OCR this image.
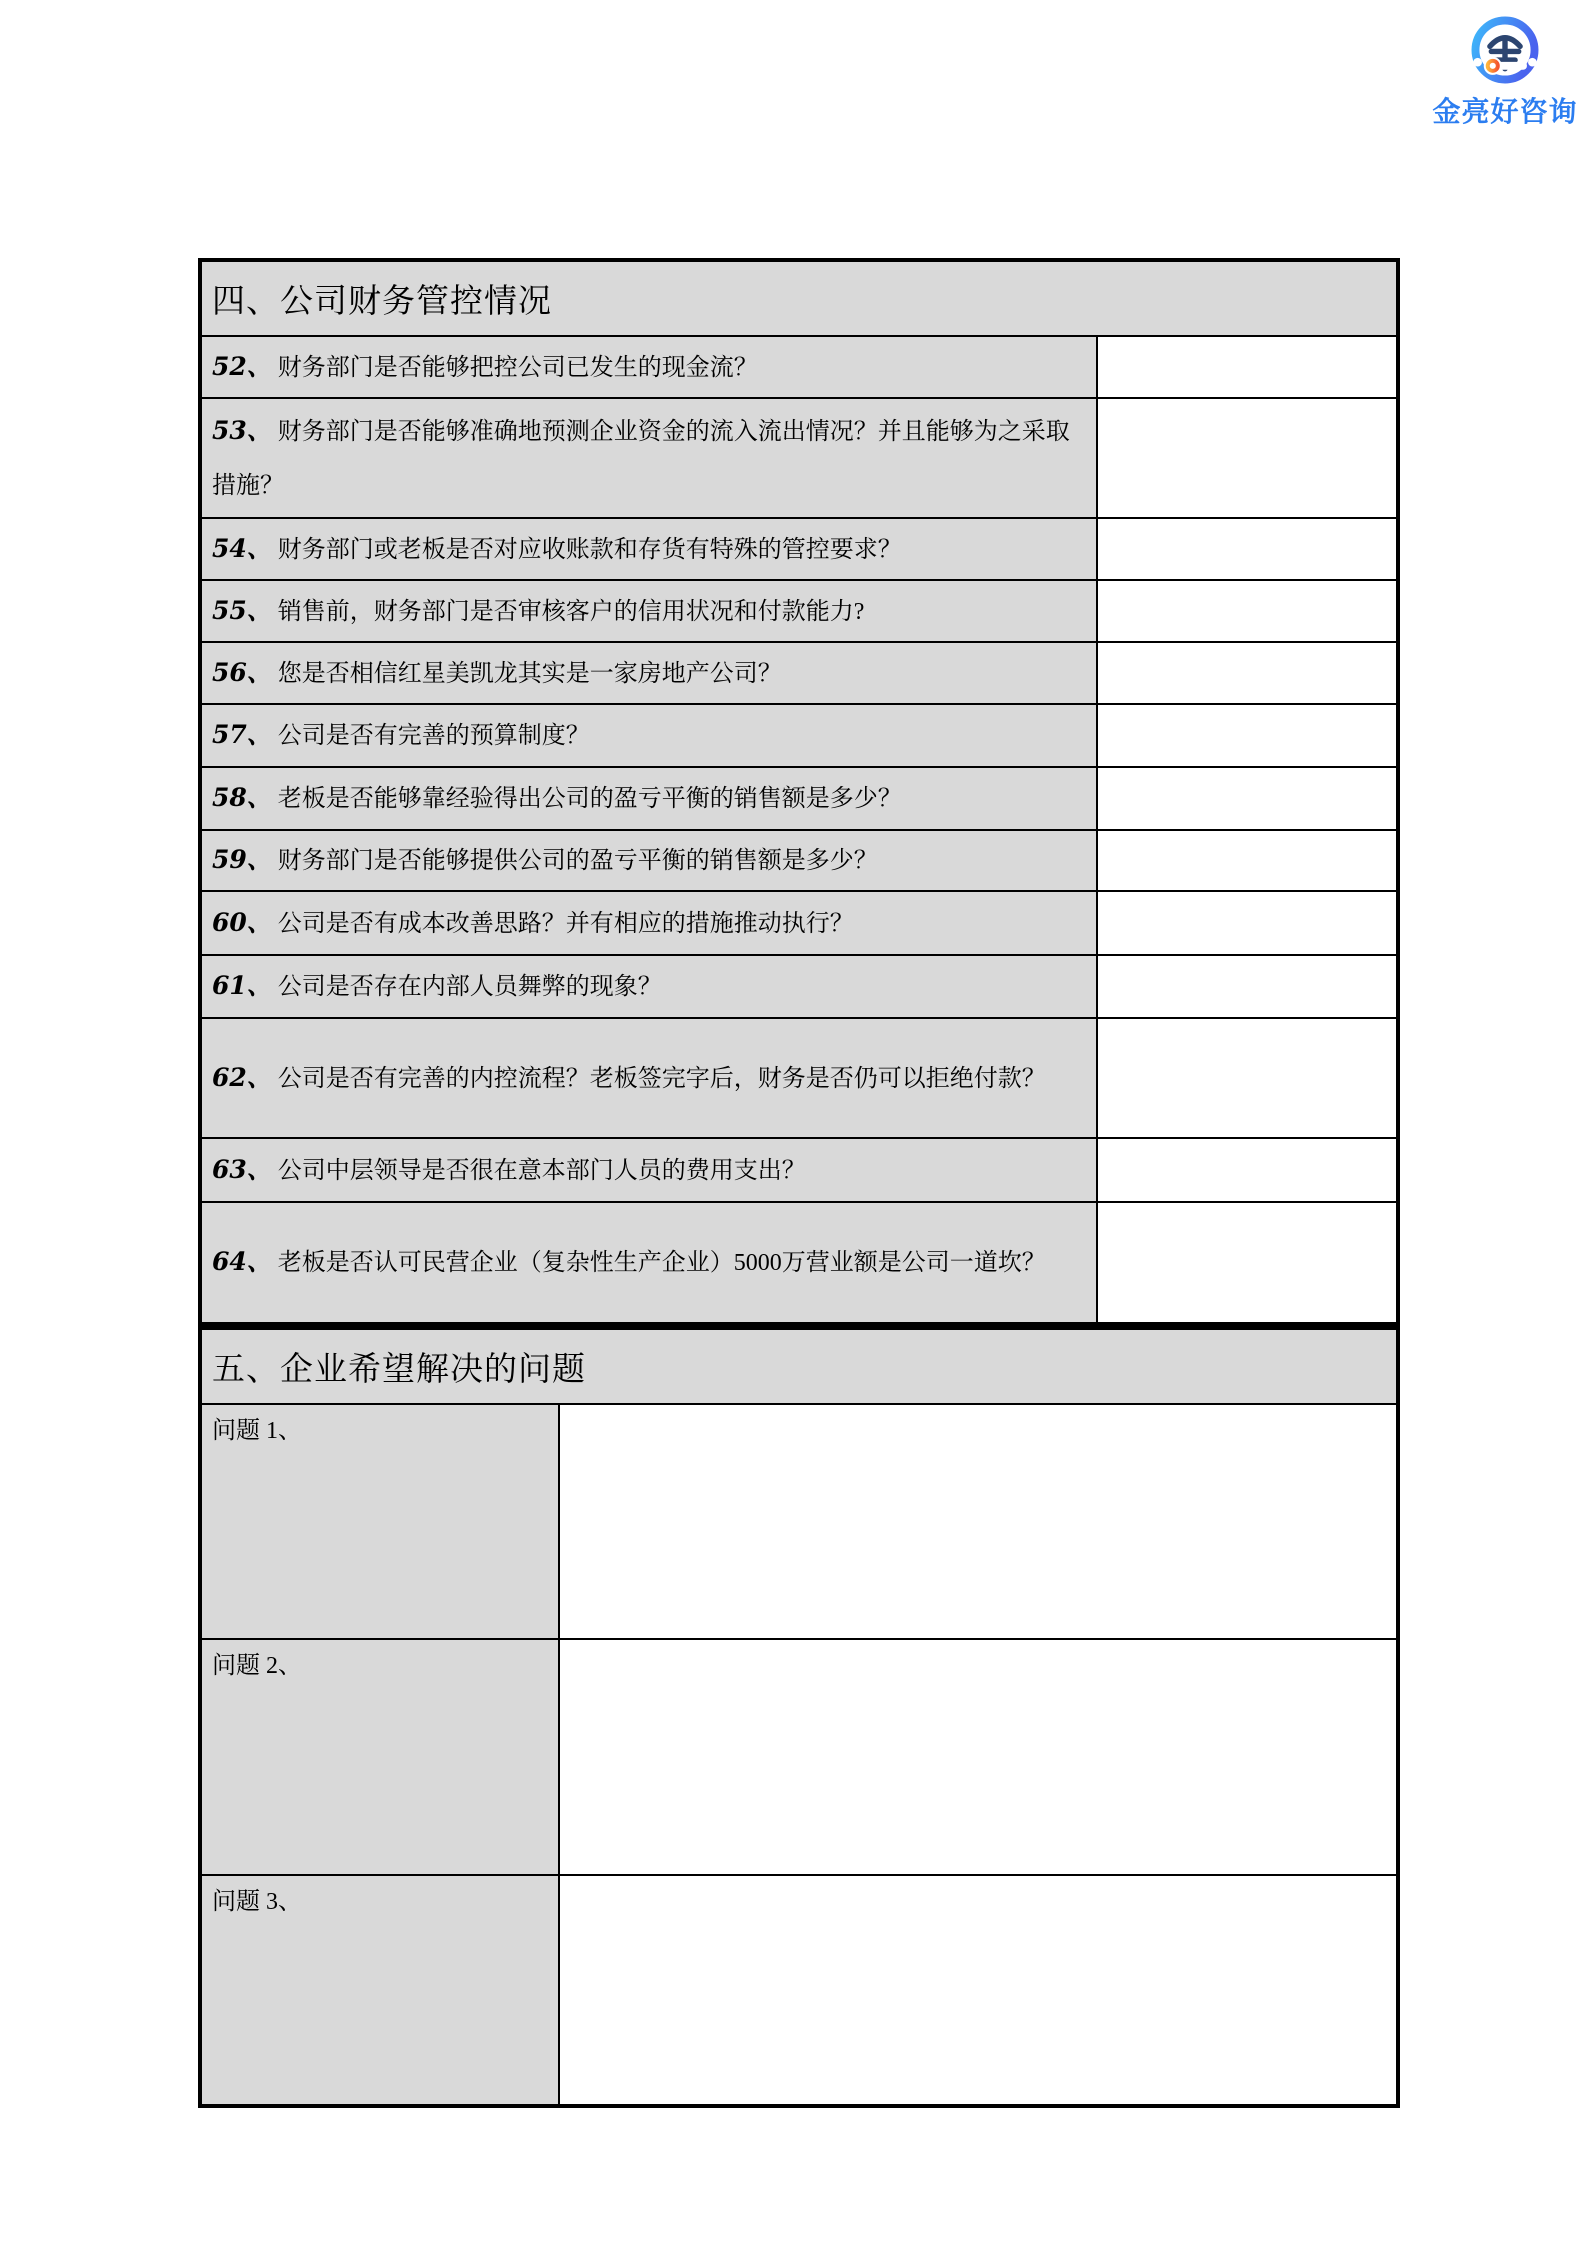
金亮好咨询
四、公司财务管控情况
52、 财务部门是否能够把控公司已发生的现金流？
53、 财务部门是否能够准确地预测企业资金的流入流出情况？并且能够为之采取措施？
54、 财务部门或老板是否对应收账款和存货有特殊的管控要求？
55、 销售前，财务部门是否审核客户的信用状况和付款能力?
56、 您是否相信红星美凯龙其实是一家房地产公司？
57、 公司是否有完善的预算制度？
58、 老板是否能够靠经验得出公司的盈亏平衡的销售额是多少？
59、 财务部门是否能够提供公司的盈亏平衡的销售额是多少？
60、 公司是否有成本改善思路？并有相应的措施推动执行？
61、 公司是否存在内部人员舞弊的现象？
62、 公司是否有完善的内控流程？老板签完字后，财务是否仍可以拒绝付款？
63、 公司中层领导是否很在意本部门人员的费用支出？
64、 老板是否认可民营企业（复杂性生产企业）5000万营业额是公司一道坎？
五、企业希望解决的问题
问题 1、
问题 2、
问题 3、
